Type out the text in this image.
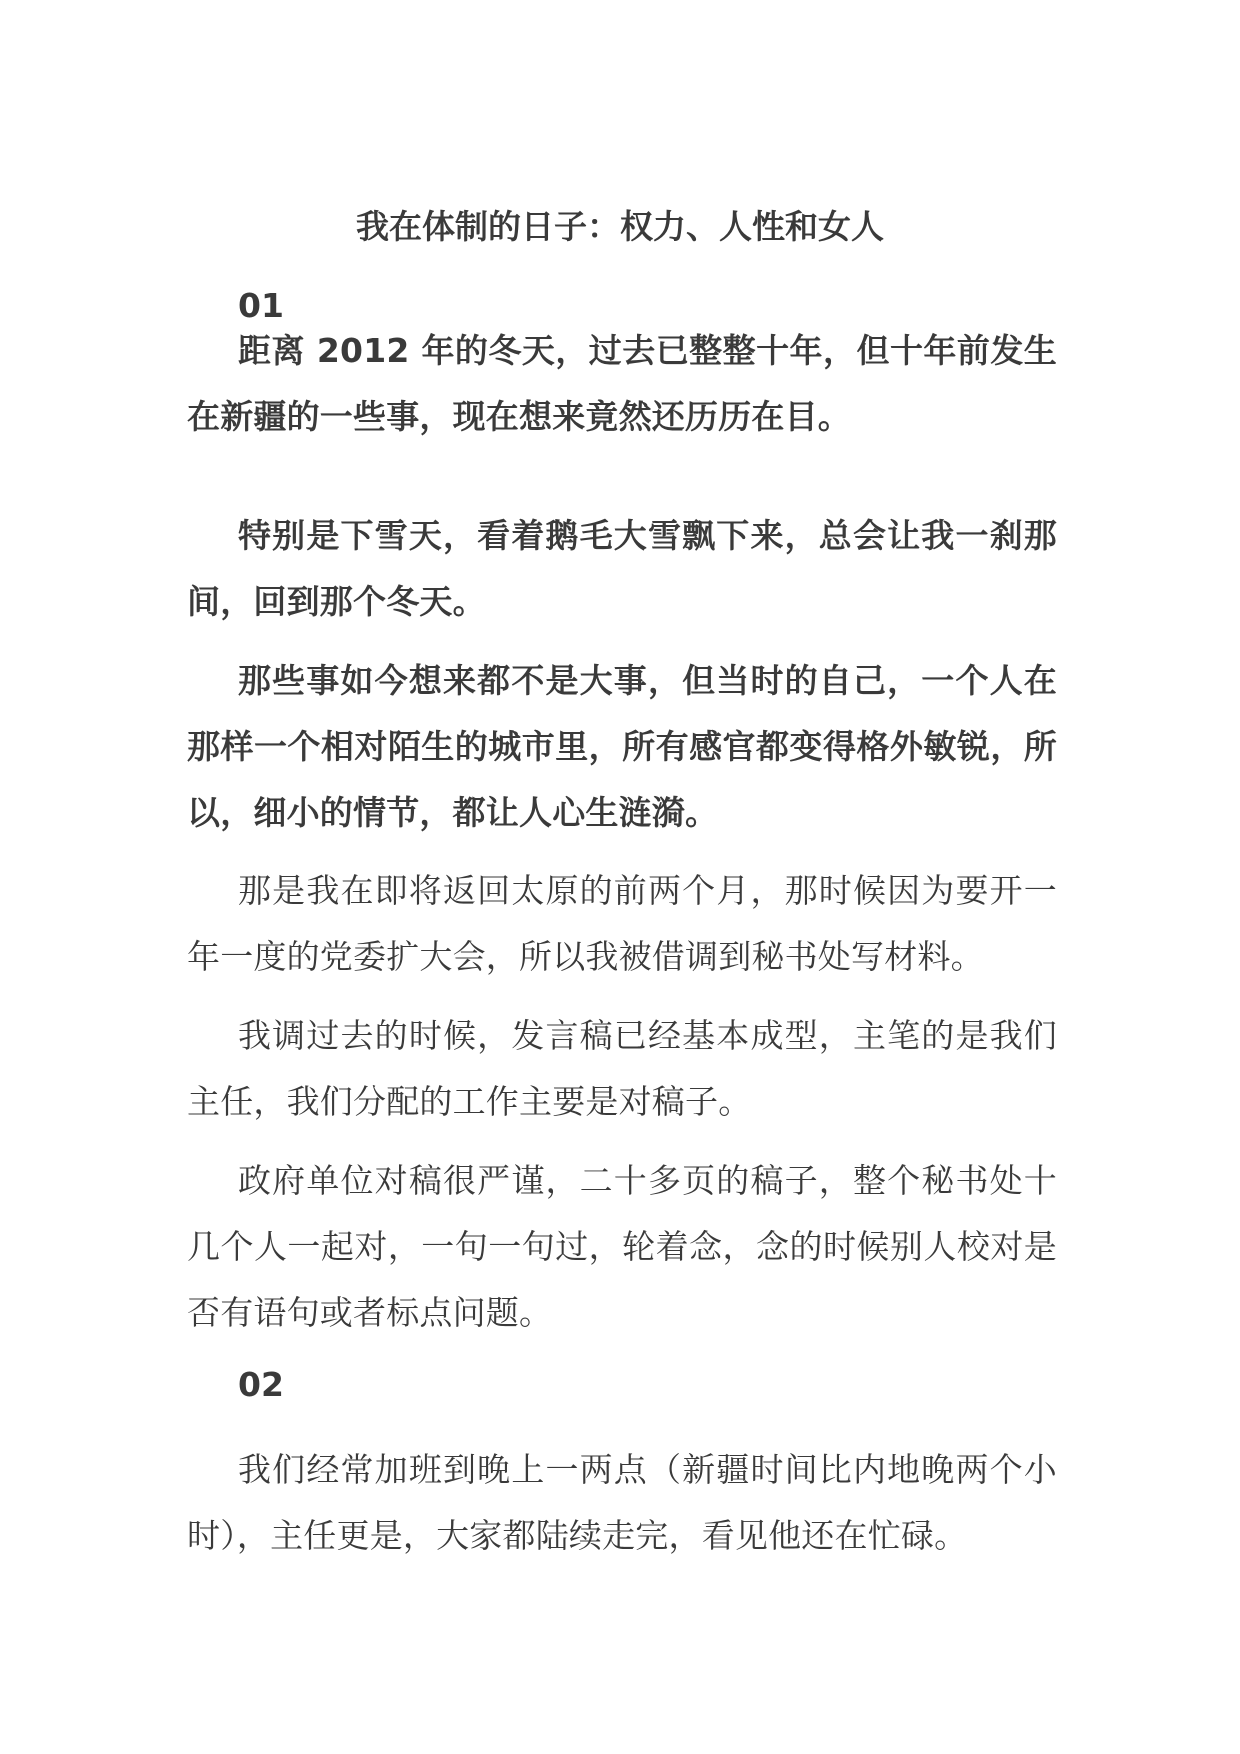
我在体制的日子：权力、人性和女人
01

距离 2012 年的冬天，过去已整整十年，但十年前发生在新疆的一些事，现在想来竟然还历历在目。

特别是下雪天，看着鹅毛大雪飘下来，总会让我一刹那间，回到那个冬天。

那些事如今想来都不是大事，但当时的自己，一个人在那样一个相对陌生的城市里，所有感官都变得格外敏锐，所以，细小的情节，都让人心生涟漪。

那是我在即将返回太原的前两个月，那时候因为要开一年一度的党委扩大会，所以我被借调到秘书处写材料。

我调过去的时候，发言稿已经基本成型，主笔的是我们主任，我们分配的工作主要是对稿子。

政府单位对稿很严谨，二十多页的稿子，整个秘书处十几个人一起对，一句一句过，轮着念，念的时候别人校对是否有语句或者标点问题。

02

我们经常加班到晚上一两点（新疆时间比内地晚两个小时），主任更是，大家都陆续走完，看见他还在忙碌。
